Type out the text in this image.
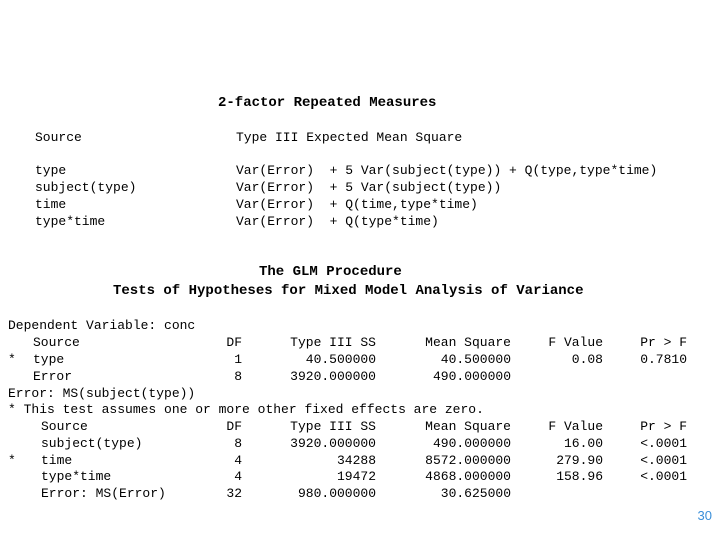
2-factor Repeated Measures
Source	Type III Expected Mean Square
type	Var(Error)  + 5 Var(subject(type)) + Q(type,type*time)
subject(type)	Var(Error)  + 5 Var(subject(type))
time	Var(Error)  + Q(time,type*time)
type*time	Var(Error)  + Q(type*time)
The GLM Procedure
Tests of Hypotheses for Mixed Model Analysis of Variance
Dependent Variable: conc
Source	DF	Type III SS	Mean Square	F Value	Pr > F
* type	1	40.500000	40.500000	0.08	0.7810
Error	8	3920.000000	490.000000
Error: MS(subject(type))
* This test assumes one or more other fixed effects are zero.
Source	DF	Type III SS	Mean Square	F Value	Pr > F
subject(type)	8	3920.000000	490.000000	16.00	<.0001
* time	4	34288	8572.000000	279.90	<.0001
type*time	4	19472	4868.000000	158.96	<.0001
Error: MS(Error)	32	980.000000	30.625000
30
